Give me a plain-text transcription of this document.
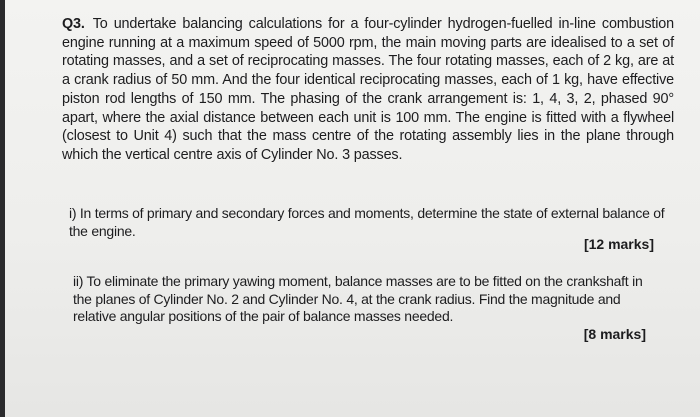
Q3. To undertake balancing calculations for a four-cylinder hydrogen-fuelled in-line combustion engine running at a maximum speed of 5000 rpm, the main moving parts are idealised to a set of rotating masses, and a set of reciprocating masses. The four rotating masses, each of 2 kg, are at a crank radius of 50 mm. And the four identical reciprocating masses, each of 1 kg, have effective piston rod lengths of 150 mm. The phasing of the crank arrangement is: 1, 4, 3, 2, phased 90° apart, where the axial distance between each unit is 100 mm. The engine is fitted with a flywheel (closest to Unit 4) such that the mass centre of the rotating assembly lies in the plane through which the vertical centre axis of Cylinder No. 3 passes.

i) In terms of primary and secondary forces and moments, determine the state of external balance of the engine.

[12 marks]

ii) To eliminate the primary yawing moment, balance masses are to be fitted on the crankshaft in the planes of Cylinder No. 2 and Cylinder No. 4, at the crank radius. Find the magnitude and relative angular positions of the pair of balance masses needed.

[8 marks]
